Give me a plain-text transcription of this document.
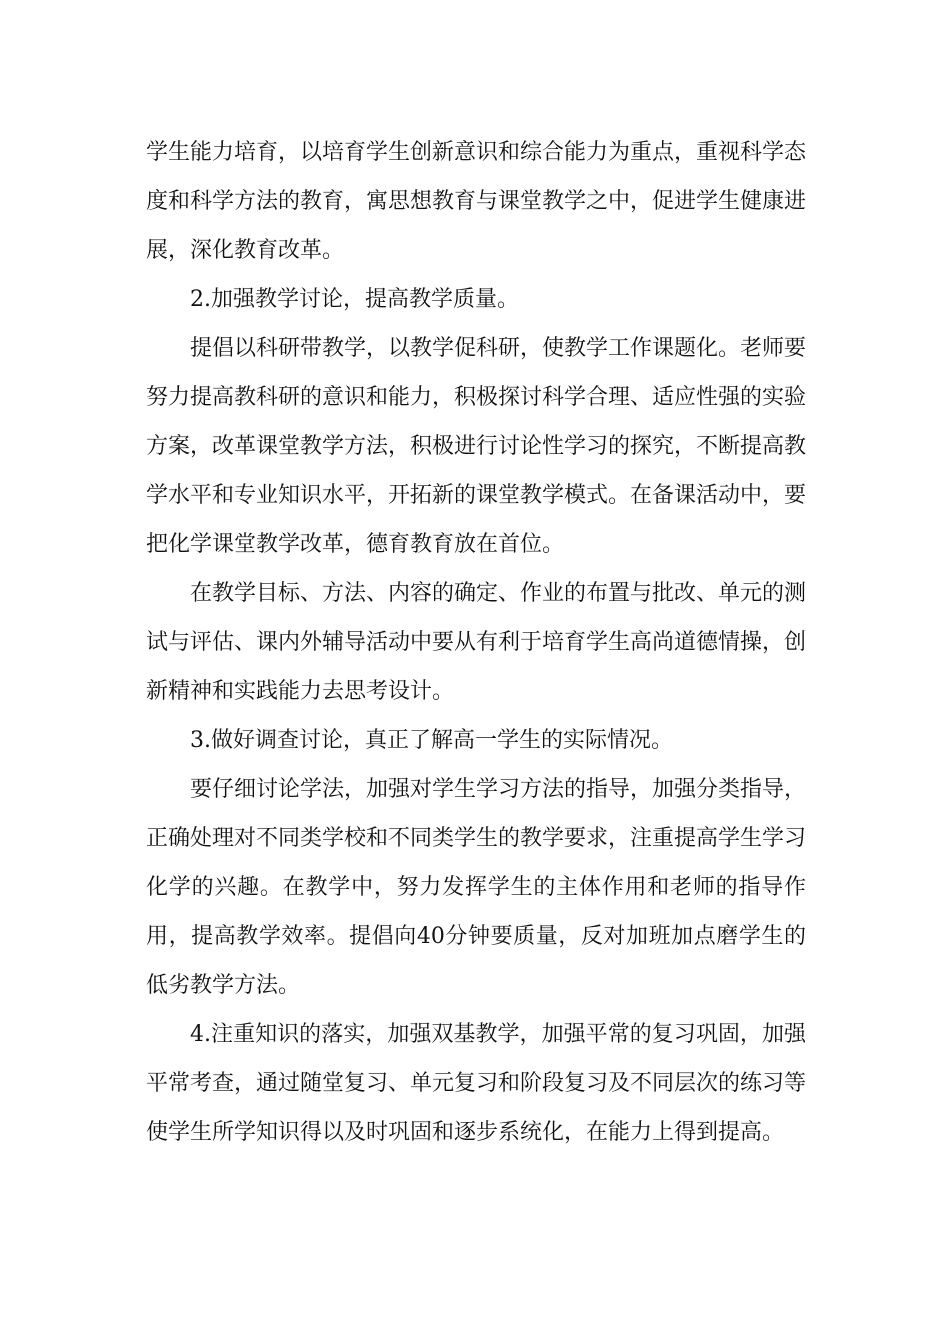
学生能力培育，以培育学生创新意识和综合能力为重点，重视科学态度和科学方法的教育，寓思想教育与课堂教学之中，促进学生健康进展，深化教育改革。

2.加强教学讨论，提高教学质量。

提倡以科研带教学，以教学促科研，使教学工作课题化。老师要努力提高教科研的意识和能力，积极探讨科学合理、适应性强的实验方案，改革课堂教学方法，积极进行讨论性学习的探究，不断提高教学水平和专业知识水平，开拓新的课堂教学模式。在备课活动中，要把化学课堂教学改革，德育教育放在首位。

在教学目标、方法、内容的确定、作业的布置与批改、单元的测试与评估、课内外辅导活动中要从有利于培育学生高尚道德情操，创新精神和实践能力去思考设计。

3.做好调查讨论，真正了解高一学生的实际情况。

要仔细讨论学法，加强对学生学习方法的指导，加强分类指导，正确处理对不同类学校和不同类学生的教学要求，注重提高学生学习化学的兴趣。在教学中，努力发挥学生的主体作用和老师的指导作用，提高教学效率。提倡向40分钟要质量，反对加班加点磨学生的低劣教学方法。

4.注重知识的落实，加强双基教学，加强平常的复习巩固，加强平常考查，通过随堂复习、单元复习和阶段复习及不同层次的练习等使学生所学知识得以及时巩固和逐步系统化，在能力上得到提高。
